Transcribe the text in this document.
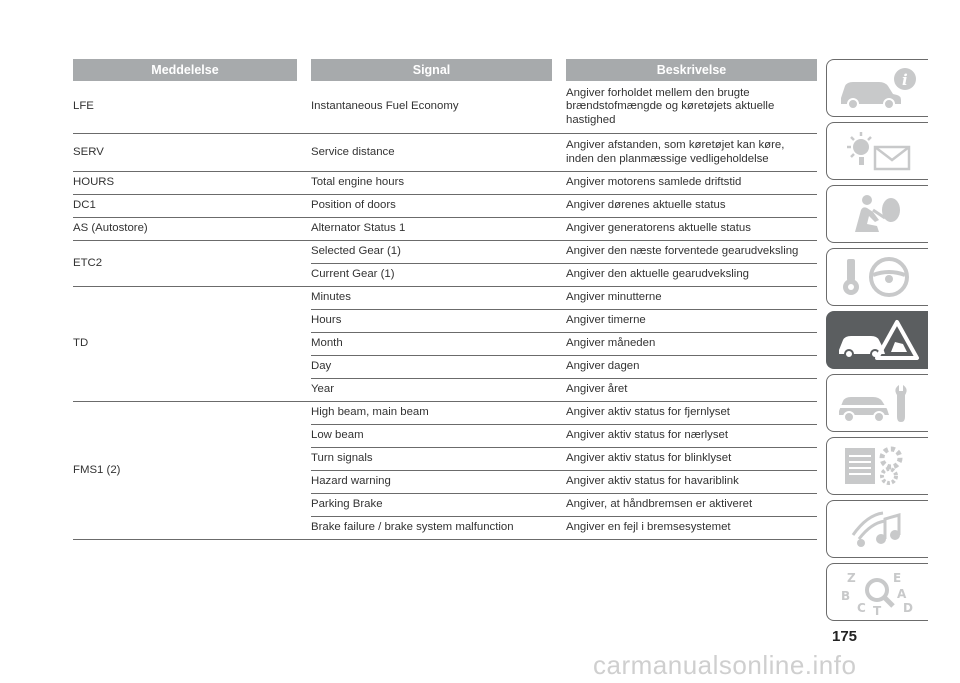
Meddelelse	Signal	Beskrivelse
LFE	Instantaneous Fuel Economy	Angiver forholdet mellem den brugte brændstofmængde og køretøjets aktuelle hastighed
SERV	Service distance	Angiver afstanden, som køretøjet kan køre, inden den planmæssige vedligeholdelse
HOURS	Total engine hours	Angiver motorens samlede driftstid
DC1	Position of doors	Angiver dørenes aktuelle status
AS (Autostore)	Alternator Status 1	Angiver generatorens aktuelle status
ETC2	Selected Gear (1)	Angiver den næste forventede gearudveksling
	Current Gear (1)	Angiver den aktuelle gearudveksling
TD	Minutes	Angiver minutterne
	Hours	Angiver timerne
	Month	Angiver måneden
	Day	Angiver dagen
	Year	Angiver året
FMS1 (2)	High beam, main beam	Angiver aktiv status for fjernlyset
	Low beam	Angiver aktiv status for nærlyset
	Turn signals	Angiver aktiv status for blinklyset
	Hazard warning	Angiver aktiv status for havariblink
	Parking Brake	Angiver, at håndbremsen er aktiveret
	Brake failure / brake system malfunction	Angiver en fejl i bremsesystemet
i
Z	E
B	A
C T D
175
carmanualsonline.info
